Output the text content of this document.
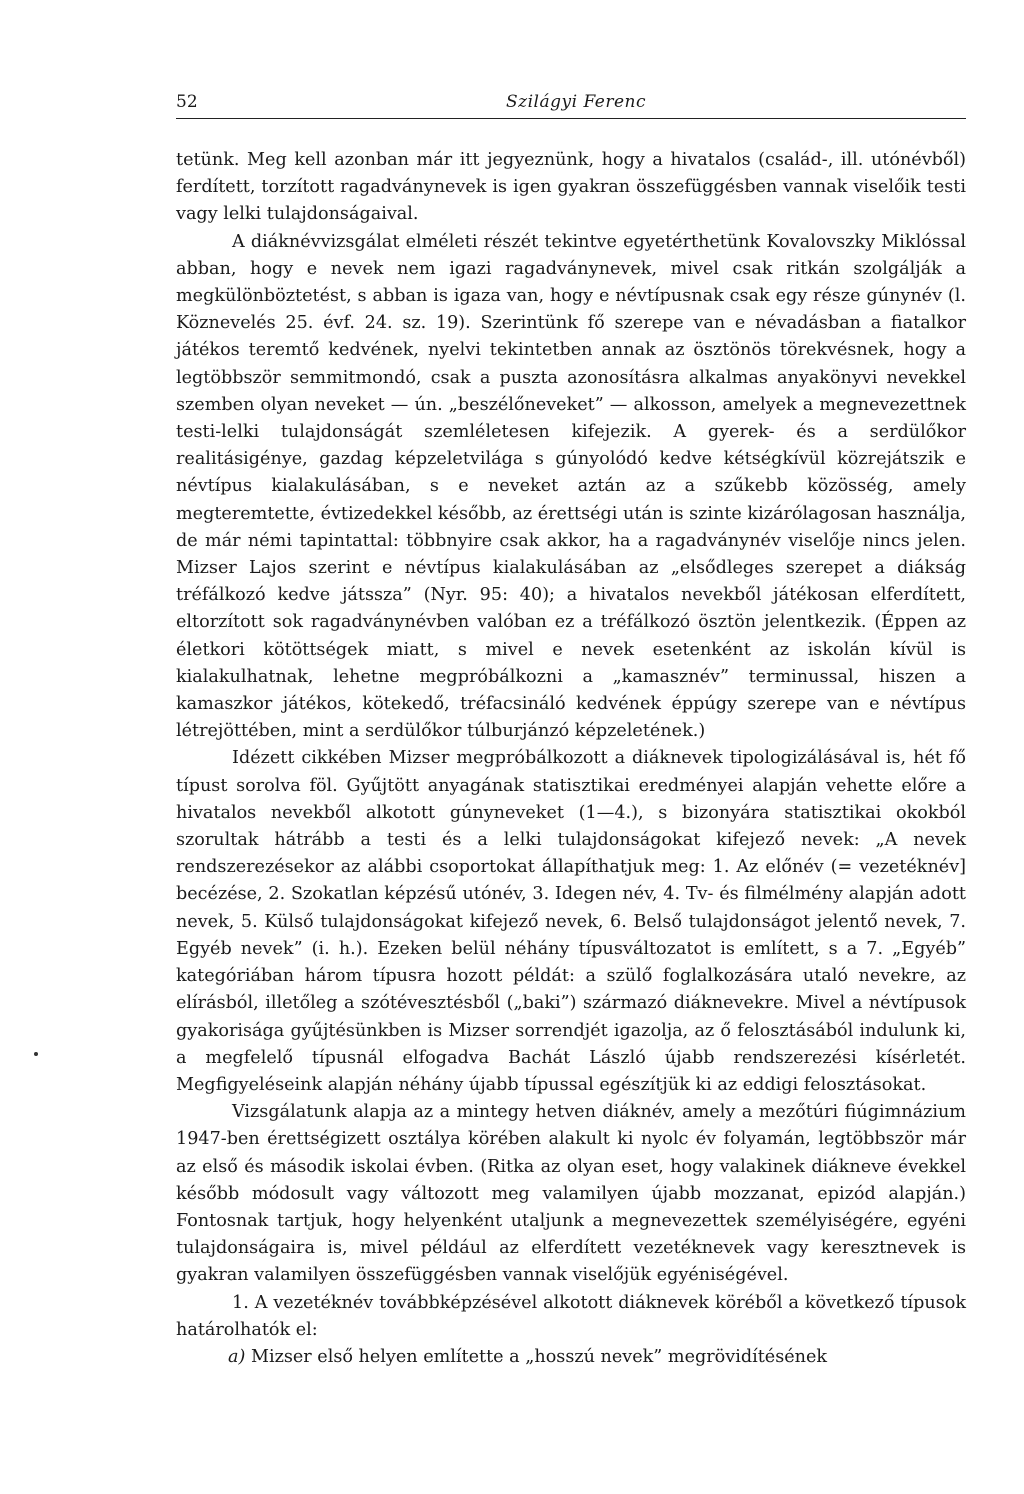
52	Szilágyi Ferenc

tetünk. Meg kell azonban már itt jegyeznünk, hogy a hivatalos (család-, ill. utónévből) ferdített, torzított ragadványnevek is igen gyakran összefüggésben vannak viselőik testi vagy lelki tulajdonságaival.

A diáknévvizsgálat elméleti részét tekintve egyetérthetünk Kovalovszky Miklóssal abban, hogy e nevek nem igazi ragadványnevek, mivel csak ritkán szolgálják a megkülönböztetést, s abban is igaza van, hogy e névtípusnak csak egy része gúnynév (l. Köznevelés 25. évf. 24. sz. 19). Szerintünk fő szerepe van e névadásban a fiatalkor játékos teremtő kedvének, nyelvi tekintetben annak az ösztönös törekvésnek, hogy a legtöbbször semmitmondó, csak a puszta azonosításra alkalmas anyakönyvi nevekkel szemben olyan neveket — ún. „beszélőneveket” — alkosson, amelyek a megnevezettnek testi-lelki tulajdonságát szemléletesen kifejezik. A gyerek- és a serdülőkor realitásigénye, gazdag képzeletvilága s gúnyolódó kedve kétségkívül közrejátszik e névtípus kialakulásában, s e neveket aztán az a szűkebb közösség, amely megteremtette, évtizedekkel később, az érettségi után is szinte kizárólagosan használja, de már némi tapintattal: többnyire csak akkor, ha a ragadványnév viselője nincs jelen. Mizser Lajos szerint e névtípus kialakulásában az „elsődleges szerepet a diákság tréfálkozó kedve játssza” (Nyr. 95: 40); a hivatalos nevekből játékosan elferdített, eltorzított sok ragadványnévben valóban ez a tréfálkozó ösztön jelentkezik. (Éppen az életkori kötöttségek miatt, s mivel e nevek esetenként az iskolán kívül is kialakulhatnak, lehetne megpróbálkozni a „kamasznév” terminussal, hiszen a kamaszkor játékos, kötekedő, tréfacsináló kedvének éppúgy szerepe van e névtípus létrejöttében, mint a serdülőkor túlburjánzó képzeletének.)

Idézett cikkében Mizser megpróbálkozott a diáknevek tipologizálásával is, hét fő típust sorolva föl. Gyűjtött anyagának statisztikai eredményei alapján vehette előre a hivatalos nevekből alkotott gúnyneveket (1—4.), s bizonyára statisztikai okokból szorultak hátrább a testi és a lelki tulajdonságokat kifejező nevek: „A nevek rendszerezésekor az alábbi csoportokat állapíthatjuk meg: 1. Az előnév (= vezetéknév] becézése, 2. Szokatlan képzésű utónév, 3. Idegen név, 4. Tv- és filmélmény alapján adott nevek, 5. Külső tulajdonságokat kifejező nevek, 6. Belső tulajdonságot jelentő nevek, 7. Egyéb nevek” (i. h.). Ezeken belül néhány típusváltozatot is említett, s a 7. „Egyéb” kategóriában három típusra hozott példát: a szülő foglalkozására utaló nevekre, az elírásból, illetőleg a szótévesztésből („baki”) származó diáknevekre. Mivel a névtípusok gyakorisága gyűjtésünkben is Mizser sorrendjét igazolja, az ő felosztásából indulunk ki, a megfelelő típusnál elfogadva Bachát László újabb rendszerezési kísérletét. Megfigyeléseink alapján néhány újabb típussal egészítjük ki az eddigi felosztásokat.

Vizsgálatunk alapja az a mintegy hetven diáknév, amely a mezőtúri fiúgimnázium 1947-ben érettségizett osztálya körében alakult ki nyolc év folyamán, legtöbbször már az első és második iskolai évben. (Ritka az olyan eset, hogy valakinek diákneve évekkel később módosult vagy változott meg valamilyen újabb mozzanat, epizód alapján.) Fontosnak tartjuk, hogy helyenként utaljunk a megnevezettek személyiségére, egyéni tulajdonságaira is, mivel például az elferdített vezetéknevek vagy keresztnevek is gyakran valamilyen összefüggésben vannak viselőjük egyéniségével.

1. A vezetéknév továbbképzésével alkotott diáknevek köréből a következő típusok határolhatók el:

a) Mizser első helyen említette a „hosszú nevek” megrövidítésének
